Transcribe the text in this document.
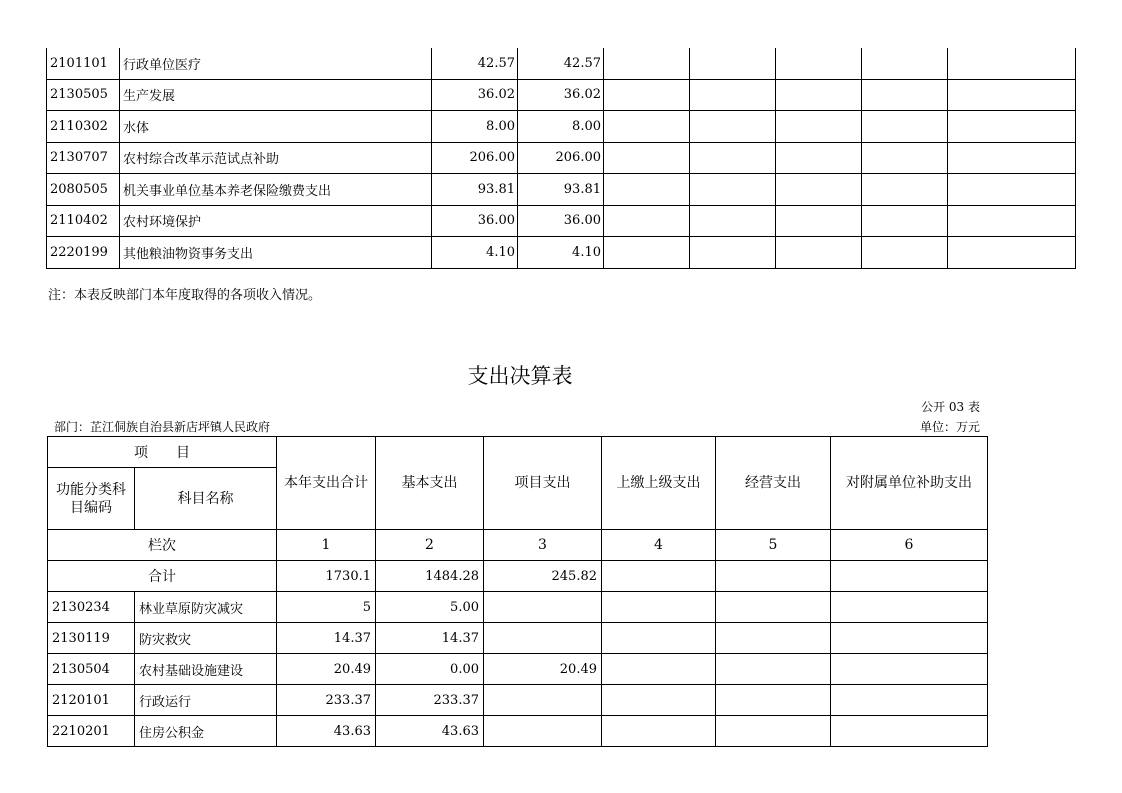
2101101	行政单位医疗	42.57	42.57					
2130505	生产发展	36.02	36.02					
2110302	水体	8.00	8.00					
2130707	农村综合改革示范试点补助	206.00	206.00					
2080505	机关事业单位基本养老保险缴费支出	93.81	93.81					
2110402	农村环境保护	36.00	36.00					
2220199	其他粮油物资事务支出	4.10	4.10					
注：本表反映部门本年度取得的各项收入情况。
支出决算表
公开 03 表
部门：芷江侗族自治县新店坪镇人民政府	单位：万元
项　　目		本年支出合计	基本支出	项目支出	上缴上级支出	经营支出	对附属单位补助支出
功能分类科目编码	科目名称						
栏次		1	2	3	4	5	6
合计		1730.1	1484.28	245.82			
2130234	林业草原防灾减灾	5	5.00				
2130119	防灾救灾	14.37	14.37				
2130504	农村基础设施建设	20.49	0.00	20.49			
2120101	行政运行	233.37	233.37				
2210201	住房公积金	43.63	43.63				
